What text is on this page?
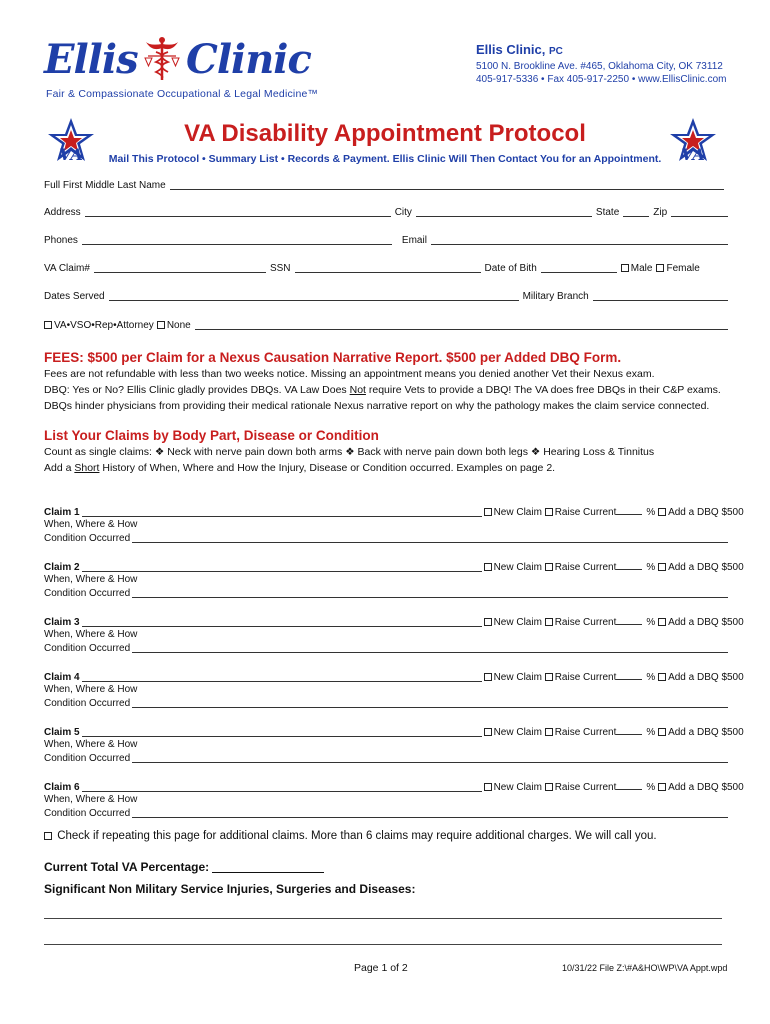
Ellis Clinic
Fair & Compassionate Occupational & Legal Medicine™
Ellis Clinic, PC
5100 N. Brookline Ave. #465, Oklahoma City, OK 73112
405-917-5336 • Fax 405-917-2250 • www.EllisClinic.com
VA	VA
VA Disability Appointment Protocol
Mail This Protocol • Summary List • Records & Payment. Ellis Clinic Will Then Contact You for an Appointment.
Full First Middle Last Name
Address	City	State	Zip
Phones	Email
VA Claim#	SSN	Date of Bith	Male	Female
Dates Served	Military Branch
VA•VSO•Rep•Attorney	None
FEES: $500 per Claim for a Nexus Causation Narrative Report. $500 per Added DBQ Form.
Fees are not refundable with less than two weeks notice. Missing an appointment means you denied another Vet their Nexus exam.
DBQ: Yes or No? Ellis Clinic gladly provides DBQs. VA Law Does Not require Vets to provide a DBQ! The VA does free DBQs in their C&P exams.
DBQs hinder physicians from providing their medical rationale Nexus narrative report on why the pathology makes the claim service connected.
List Your Claims by Body Part, Disease or Condition
Count as single claims: ❖ Neck with nerve pain down both arms ❖ Back with nerve pain down both legs ❖ Hearing Loss & Tinnitus
Add a Short History of When, Where and How the Injury, Disease or Condition occurred. Examples on page 2.
Check if repeating this page for additional claims. More than 6 claims may require additional charges. We will call you.
Current Total VA Percentage:
Significant Non Military Service Injuries, Surgeries and Diseases:
Page 1 of 2	10/31/22 File Z:\#A&HO\WP\VA Appt.wpd
Claim 1	New Claim Raise Current	% Add a DBQ $500
When, Where & How
Condition Occurred
Claim 2	New Claim Raise Current	% Add a DBQ $500
When, Where & How
Condition Occurred
Claim 3	New Claim Raise Current	% Add a DBQ $500
When, Where & How
Condition Occurred
Claim 4	New Claim Raise Current	% Add a DBQ $500
When, Where & How
Condition Occurred
Claim 5	New Claim Raise Current	% Add a DBQ $500
When, Where & How
Condition Occurred
Claim 6	New Claim Raise Current	% Add a DBQ $500
When, Where & How
Condition Occurred
